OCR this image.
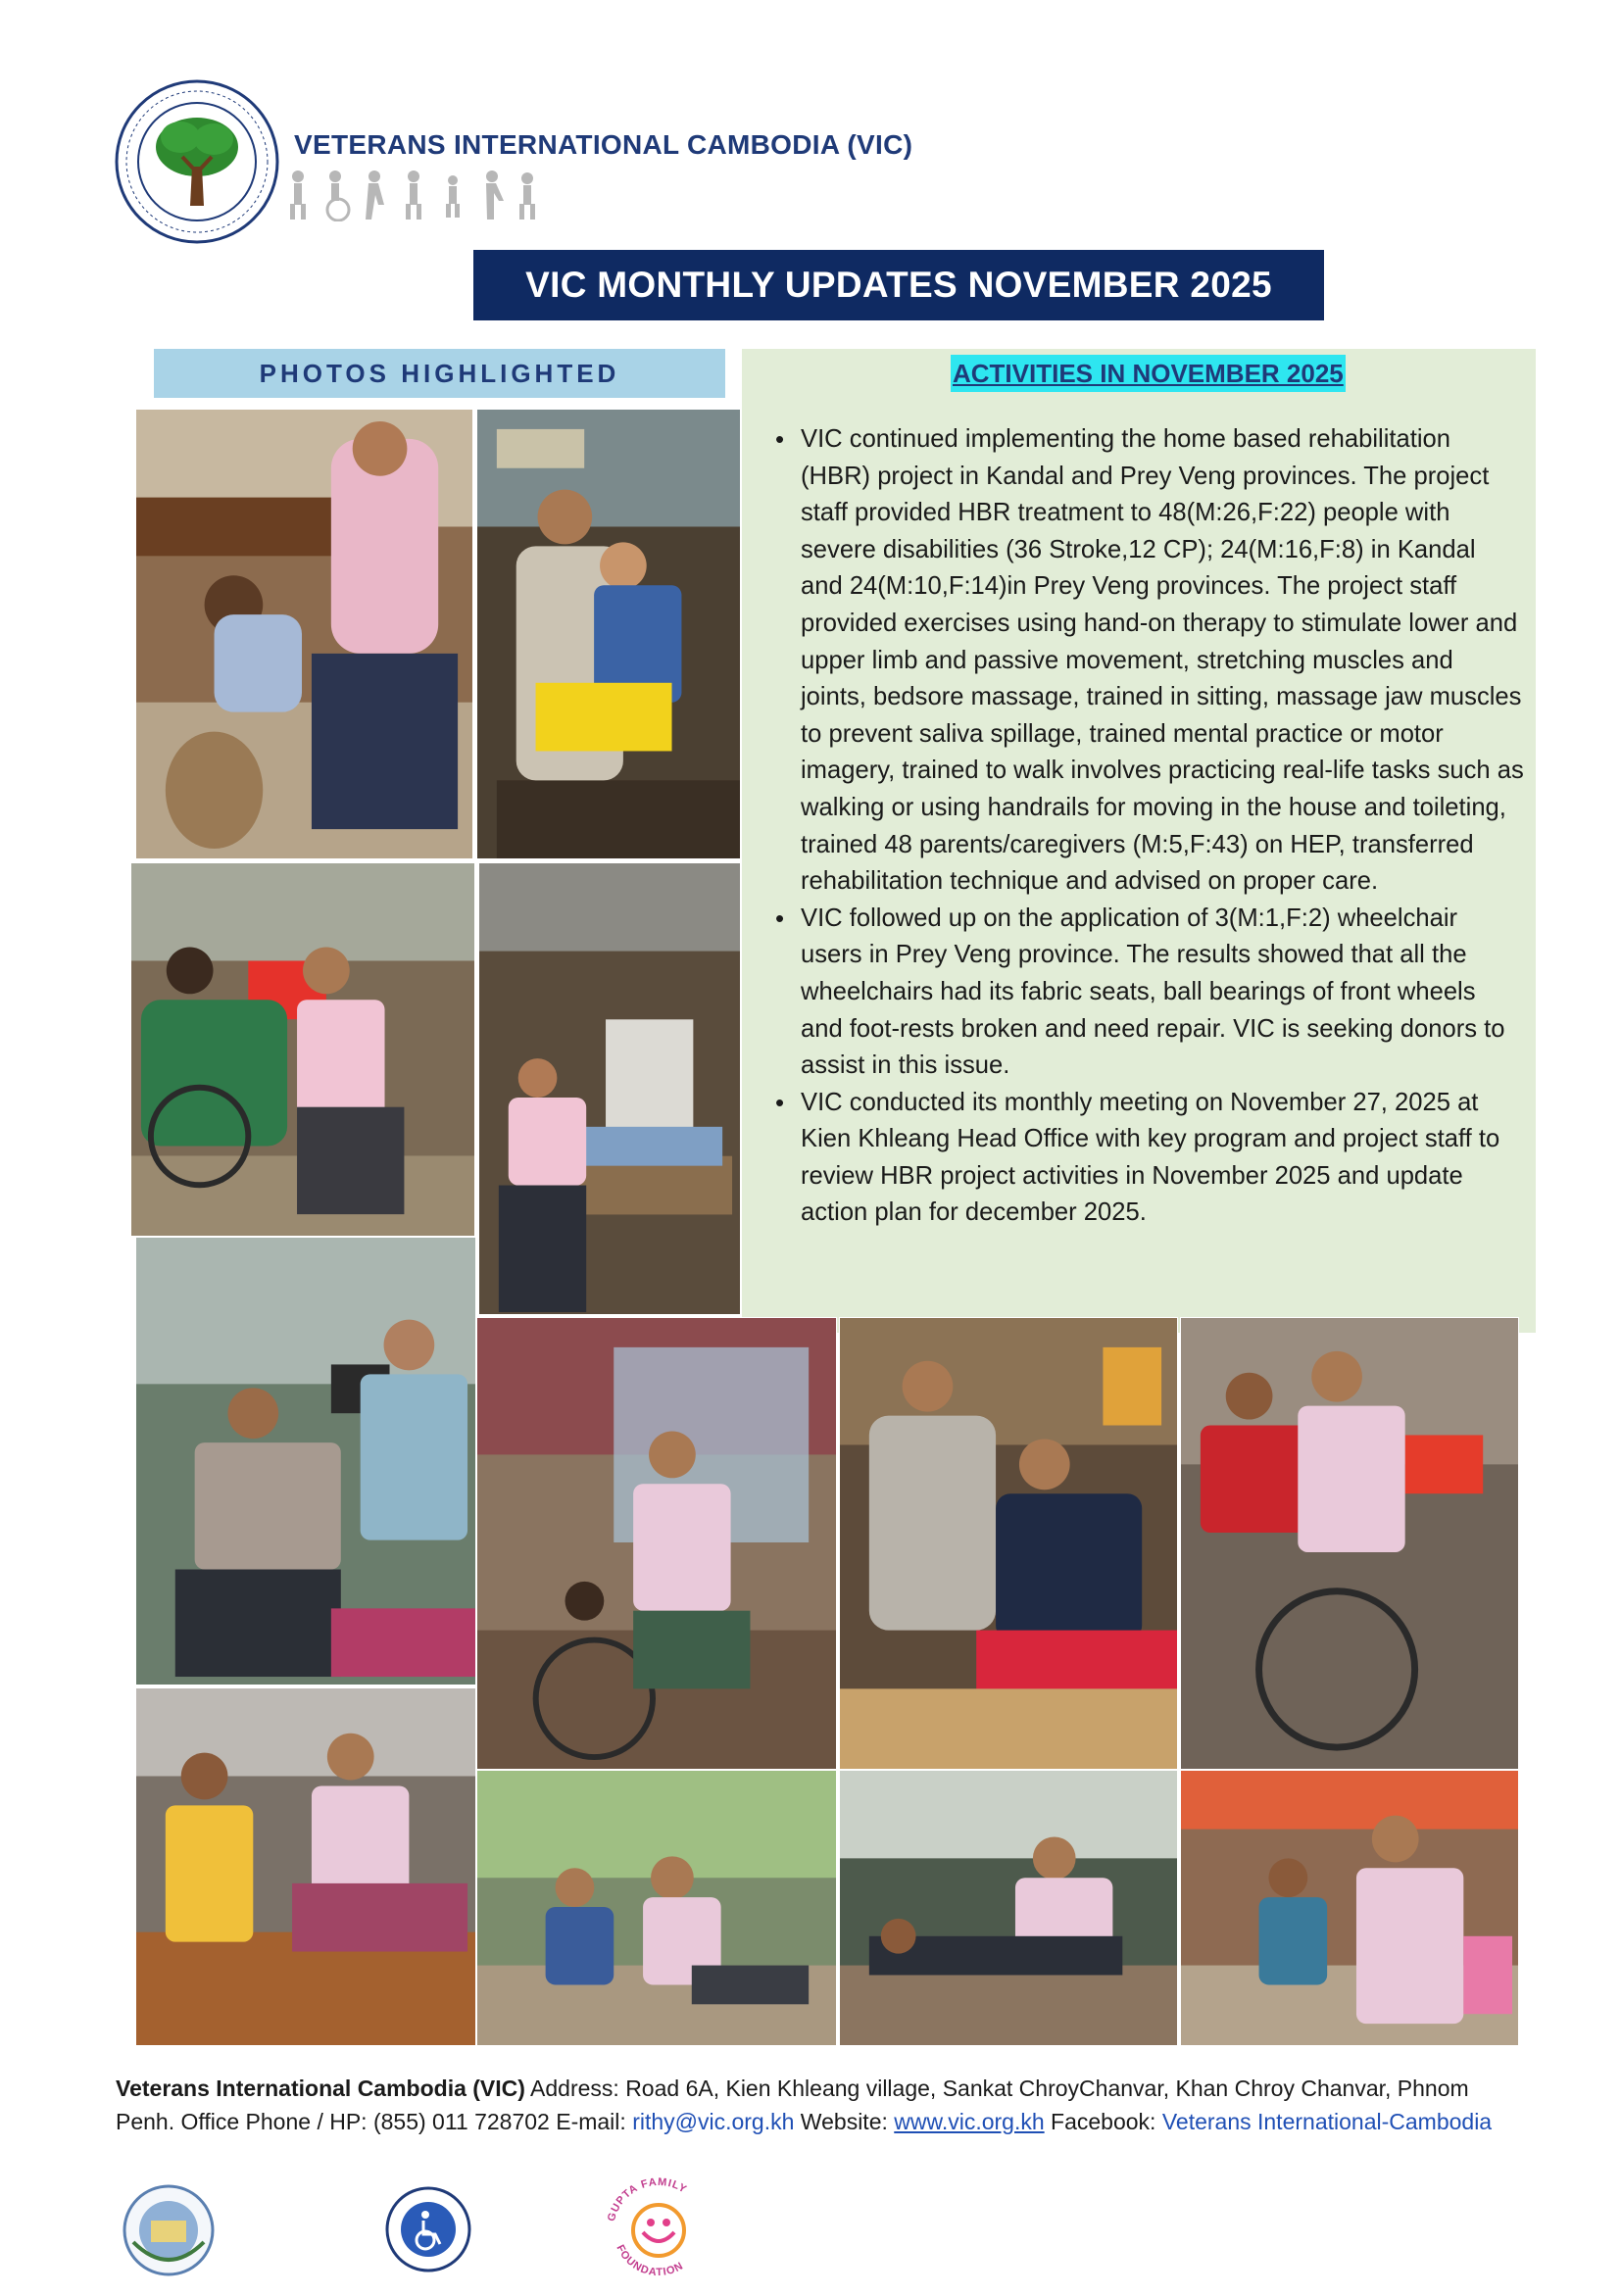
VETERANS INTERNATIONAL CAMBODIA (VIC)
VIC MONTHLY UPDATES NOVEMBER 2025
PHOTOS HIGHLIGHTED	ACTIVITIES IN NOVEMBER 2025
• VIC continued implementing the home based rehabilitation (HBR) project in Kandal and Prey Veng provinces. The project staff provided HBR treatment to 48(M:26,F:22) people with severe disabilities (36 Stroke,12 CP); 24(M:16,F:8) in Kandal and 24(M:10,F:14)in Prey Veng provinces. The project staff provided exercises using hand-on therapy to stimulate lower and upper limb and passive movement, stretching muscles and joints, bedsore massage, trained in sitting, massage jaw muscles to prevent saliva spillage, trained mental practice or motor imagery, trained to walk involves practicing real-life tasks such as walking or using handrails for moving in the house and toileting, trained 48 parents/caregivers (M:5,F:43) on HEP, transferred rehabilitation technique and advised on proper care.
• VIC followed up on the application of 3(M:1,F:2) wheelchair users in Prey Veng province. The results showed that all the wheelchairs had its fabric seats, ball bearings of front wheels and foot-rests broken and need repair. VIC is seeking donors to assist in this issue.
• VIC conducted its monthly meeting on November 27, 2025 at Kien Khleang Head Office with key program and project staff to review HBR project activities in November 2025 and update action plan for december 2025.
Veterans International Cambodia (VIC) Address: Road 6A, Kien Khleang village, Sankat ChroyChanvar, Khan Chroy Chanvar, Phnom Penh. Office Phone / HP: (855) 011 728702 E-mail: rithy@vic.org.kh Website: www.vic.org.kh Facebook: Veterans International-Cambodia
GUPTA FAMILY
FOUNDATION
